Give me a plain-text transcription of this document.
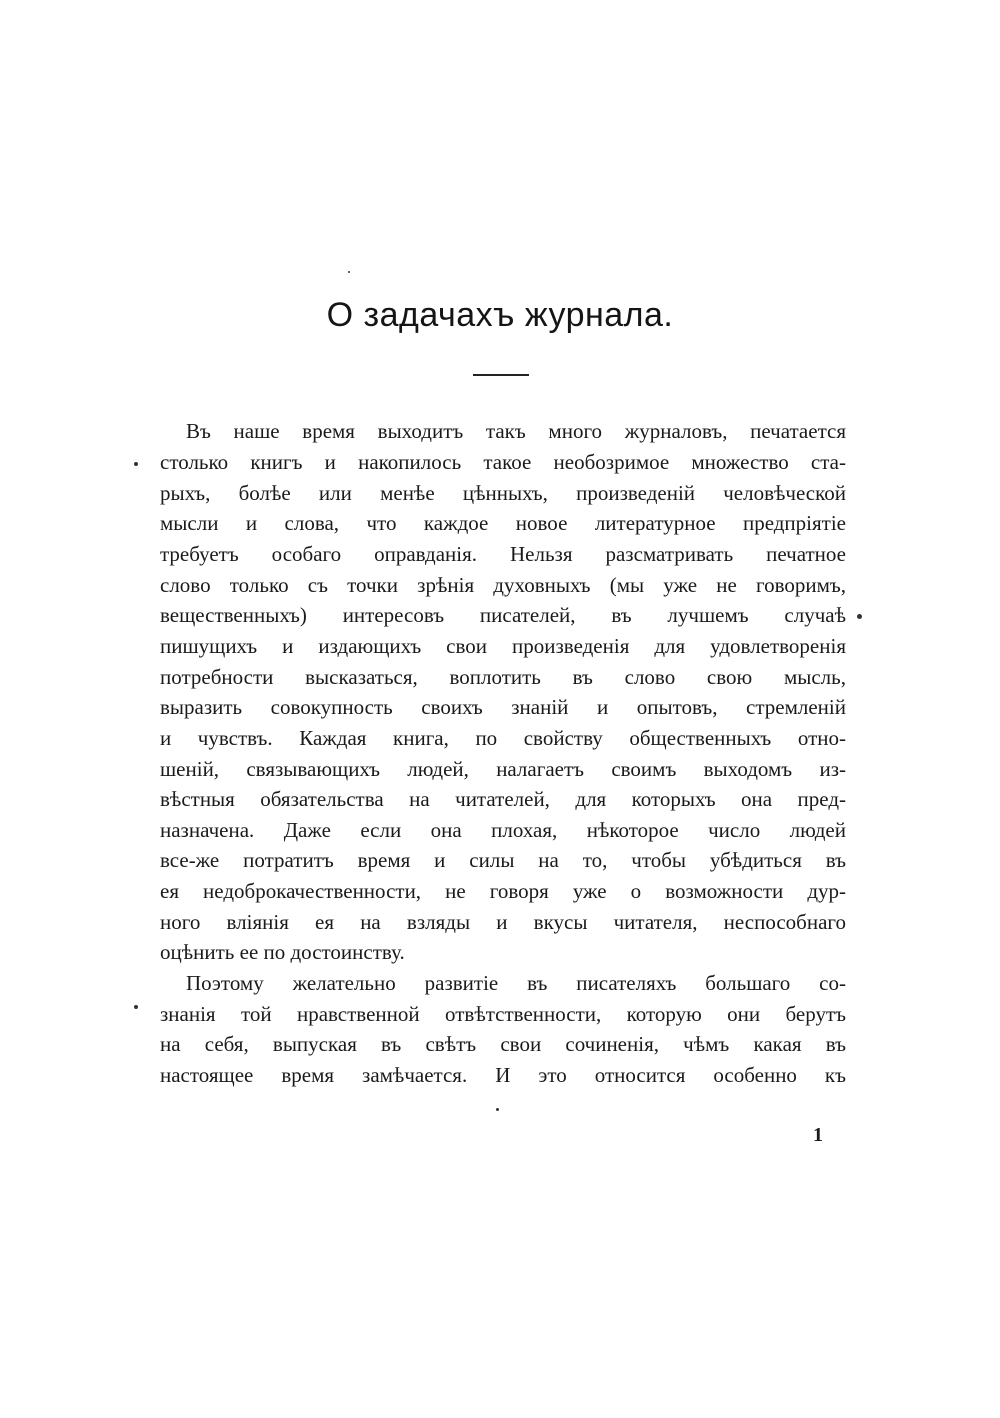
О задачахъ журнала.
Въ наше время выходитъ такъ много журналовъ, печатается
столько книгъ и накопилось такое необозримое множество ста-
рыхъ, болѣе или менѣе цѣнныхъ, произведеній человѣческой
мысли и слова, что каждое новое литературное предпріятіе
требуетъ особаго оправданія. Нельзя разсматривать печатное
слово только съ точки зрѣнія духовныхъ (мы уже не говоримъ,
вещественныхъ) интересовъ писателей, въ лучшемъ случаѣ
пишущихъ и издающихъ свои произведенія для удовлетворенія
потребности высказаться, воплотить въ слово свою мысль,
выразить совокупность своихъ знаній и опытовъ, стремленій
и чувствъ. Каждая книга, по свойству общественныхъ отно-
шеній, связывающихъ людей, налагаетъ своимъ выходомъ из-
вѣстныя обязательства на читателей, для которыхъ она пред-
назначена. Даже если она плохая, нѣкоторое число людей
все-же потратитъ время и силы на то, чтобы убѣдиться въ
ея недоброкачественности, не говоря уже о возможности дур-
ного вліянія ея на взляды и вкусы читателя, неспособнаго
оцѣнить ее по достоинству.
Поэтому желательно развитіе въ писателяхъ большаго со-
знанія той нравственной отвѣтственности, которую они берутъ
на себя, выпуская въ свѣтъ свои сочиненія, чѣмъ какая въ
настоящее время замѣчается. И это относится особенно къ
1
